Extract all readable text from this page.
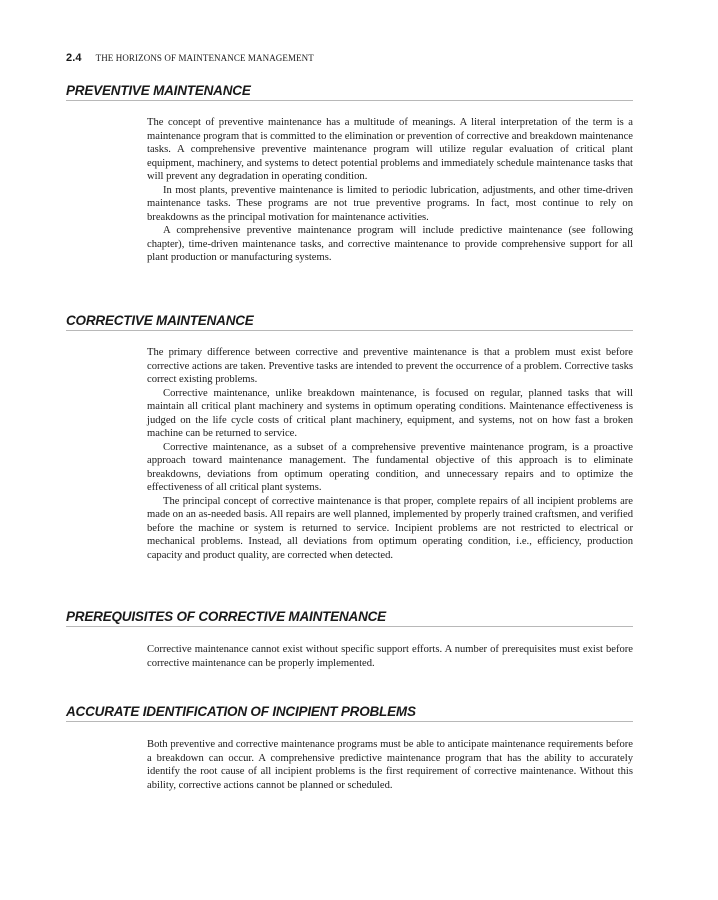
2.4 THE HORIZONS OF MAINTENANCE MANAGEMENT
PREVENTIVE MAINTENANCE

The concept of preventive maintenance has a multitude of meanings. A literal interpretation of the term is a maintenance program that is committed to the elimination or prevention of corrective and breakdown maintenance tasks. A comprehensive preventive maintenance program will utilize regular evaluation of critical plant equipment, machinery, and systems to detect potential problems and immediately schedule maintenance tasks that will prevent any degradation in operating condition.

In most plants, preventive maintenance is limited to periodic lubrication, adjustments, and other time-driven maintenance tasks. These programs are not true preventive programs. In fact, most continue to rely on breakdowns as the principal motivation for maintenance activities.

A comprehensive preventive maintenance program will include predictive maintenance (see following chapter), time-driven maintenance tasks, and corrective maintenance to provide comprehensive support for all plant production or manufacturing systems.

CORRECTIVE MAINTENANCE

The primary difference between corrective and preventive maintenance is that a problem must exist before corrective actions are taken. Preventive tasks are intended to prevent the occurrence of a problem. Corrective tasks correct existing problems.

Corrective maintenance, unlike breakdown maintenance, is focused on regular, planned tasks that will maintain all critical plant machinery and systems in optimum operating conditions. Maintenance effectiveness is judged on the life cycle costs of critical plant machinery, equipment, and systems, not on how fast a broken machine can be returned to service.

Corrective maintenance, as a subset of a comprehensive preventive maintenance program, is a proactive approach toward maintenance management. The fundamental objective of this approach is to eliminate breakdowns, deviations from optimum operating condition, and unnecessary repairs and to optimize the effectiveness of all critical plant systems.

The principal concept of corrective maintenance is that proper, complete repairs of all incipient problems are made on an as-needed basis. All repairs are well planned, implemented by properly trained craftsmen, and verified before the machine or system is returned to service. Incipient problems are not restricted to electrical or mechanical problems. Instead, all deviations from optimum operating condition, i.e., efficiency, production capacity and product quality, are corrected when detected.

PREREQUISITES OF CORRECTIVE MAINTENANCE

Corrective maintenance cannot exist without specific support efforts. A number of prerequisites must exist before corrective maintenance can be properly implemented.

ACCURATE IDENTIFICATION OF INCIPIENT PROBLEMS

Both preventive and corrective maintenance programs must be able to anticipate maintenance requirements before a breakdown can occur. A comprehensive predictive maintenance program that has the ability to accurately identify the root cause of all incipient problems is the first requirement of corrective maintenance. Without this ability, corrective actions cannot be planned or scheduled.
